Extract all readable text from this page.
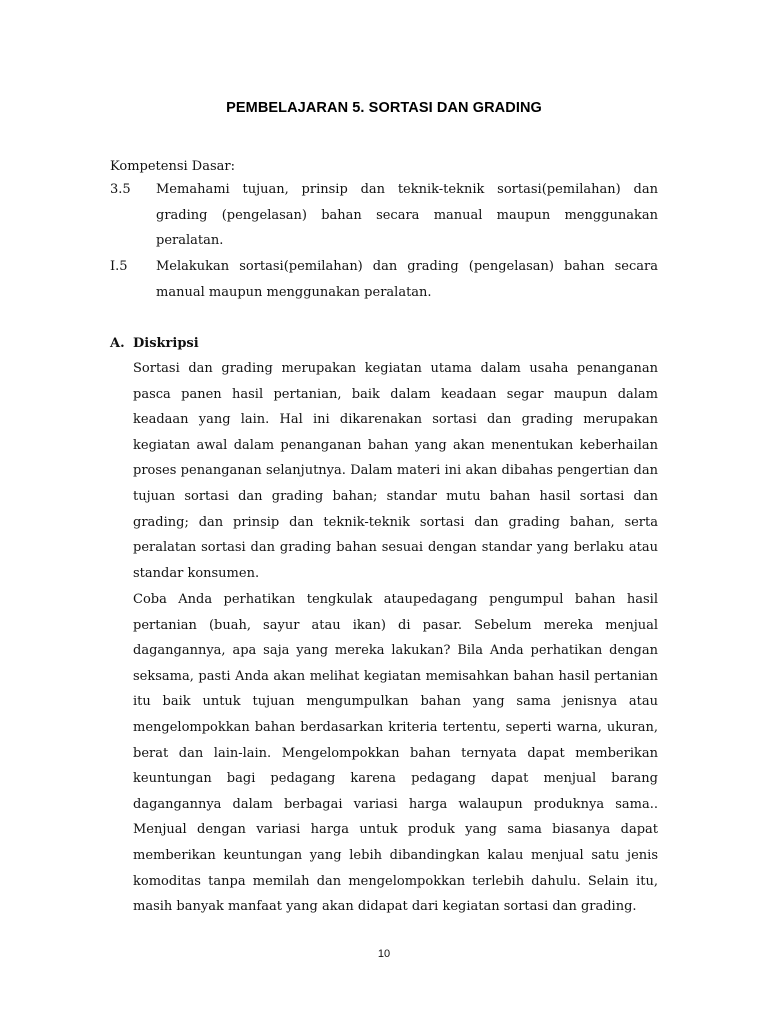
PEMBELAJARAN 5. SORTASI DAN GRADING
Kompetensi Dasar:
3.5	Memahami tujuan, prinsip dan teknik-teknik sortasi(pemilahan) dan grading (pengelasan) bahan secara manual maupun menggunakan peralatan.
I.5	Melakukan sortasi(pemilahan) dan grading (pengelasan) bahan secara manual maupun menggunakan peralatan.
A. Diskripsi
Sortasi dan grading merupakan kegiatan utama dalam usaha penanganan pasca panen hasil pertanian, baik dalam keadaan segar maupun dalam keadaan yang lain. Hal ini dikarenakan sortasi dan grading merupakan kegiatan awal dalam penanganan bahan yang akan menentukan keberhailan proses penanganan selanjutnya. Dalam materi ini akan dibahas pengertian dan tujuan sortasi dan grading bahan; standar mutu bahan hasil sortasi dan grading; dan prinsip dan teknik-teknik sortasi dan grading bahan, serta peralatan sortasi dan grading bahan sesuai dengan standar yang berlaku atau standar konsumen.
Coba Anda perhatikan tengkulak ataupedagang pengumpul bahan hasil pertanian (buah, sayur atau ikan) di pasar. Sebelum mereka menjual dagangannya, apa saja yang mereka lakukan? Bila Anda perhatikan dengan seksama, pasti Anda akan melihat kegiatan memisahkan bahan hasil pertanian itu baik untuk tujuan mengumpulkan bahan yang sama jenisnya atau mengelompokkan bahan berdasarkan kriteria tertentu, seperti warna, ukuran, berat dan lain-lain. Mengelompokkan bahan ternyata dapat memberikan keuntungan bagi pedagang karena pedagang dapat menjual barang dagangannya dalam berbagai variasi harga walaupun produknya sama.. Menjual dengan variasi harga untuk produk yang sama biasanya dapat memberikan keuntungan yang lebih dibandingkan kalau menjual satu jenis komoditas tanpa memilah dan mengelompokkan terlebih dahulu. Selain itu, masih banyak manfaat yang akan didapat dari kegiatan sortasi dan grading.
10
